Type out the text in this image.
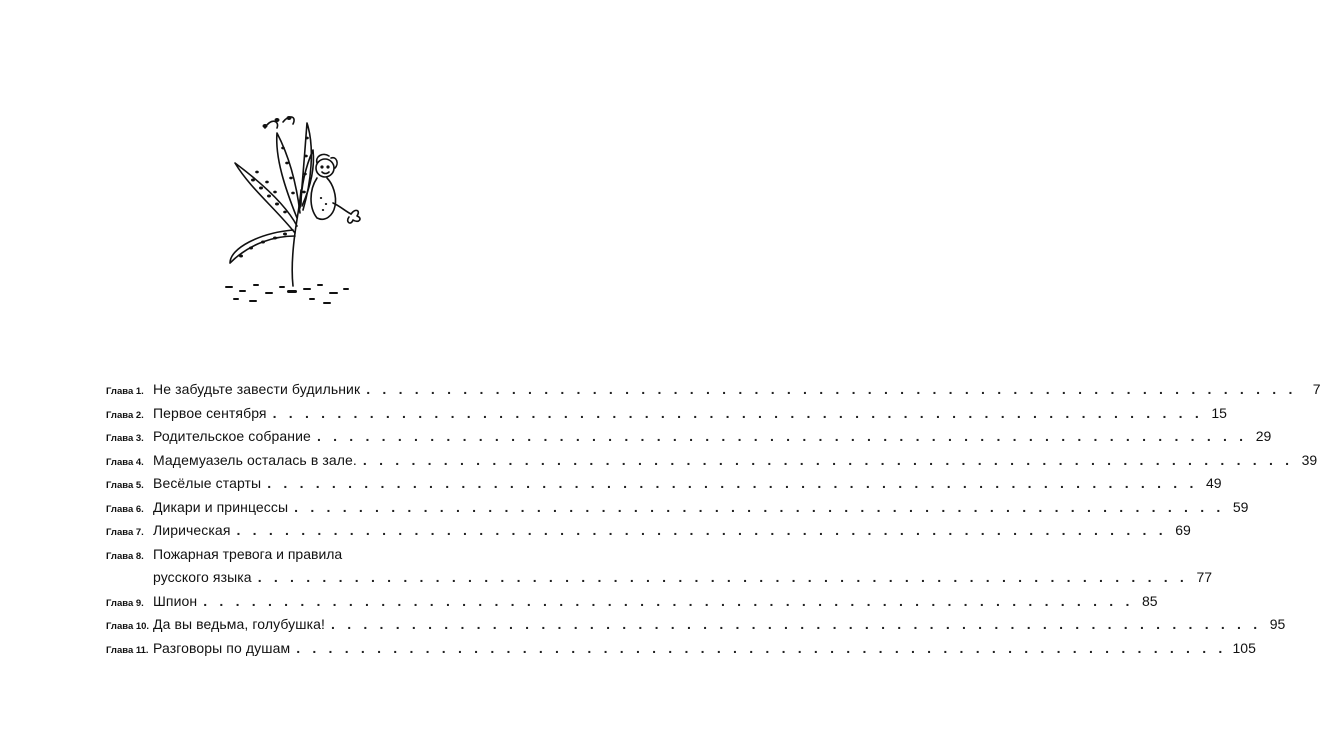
Глава 1. Не забудьте завести будильник . . .	7
Глава 2. Первое сентября . . .	15
Глава 3. Родительское собрание . . .	29
Глава 4. Мадемуазель осталась в зале. . . .	39
Глава 5. Весёлые старты . . .	49
Глава 6. Дикари и принцессы . . .	59
Глава 7. Лирическая . . .	69
Глава 8. Пожарная тревога и правила
русского языка . . .	77
Глава 9. Шпион . . .	85
Глава 10. Да вы ведьма, голубушка! . . .	95
Глава 11. Разговоры по душам . . .	105
